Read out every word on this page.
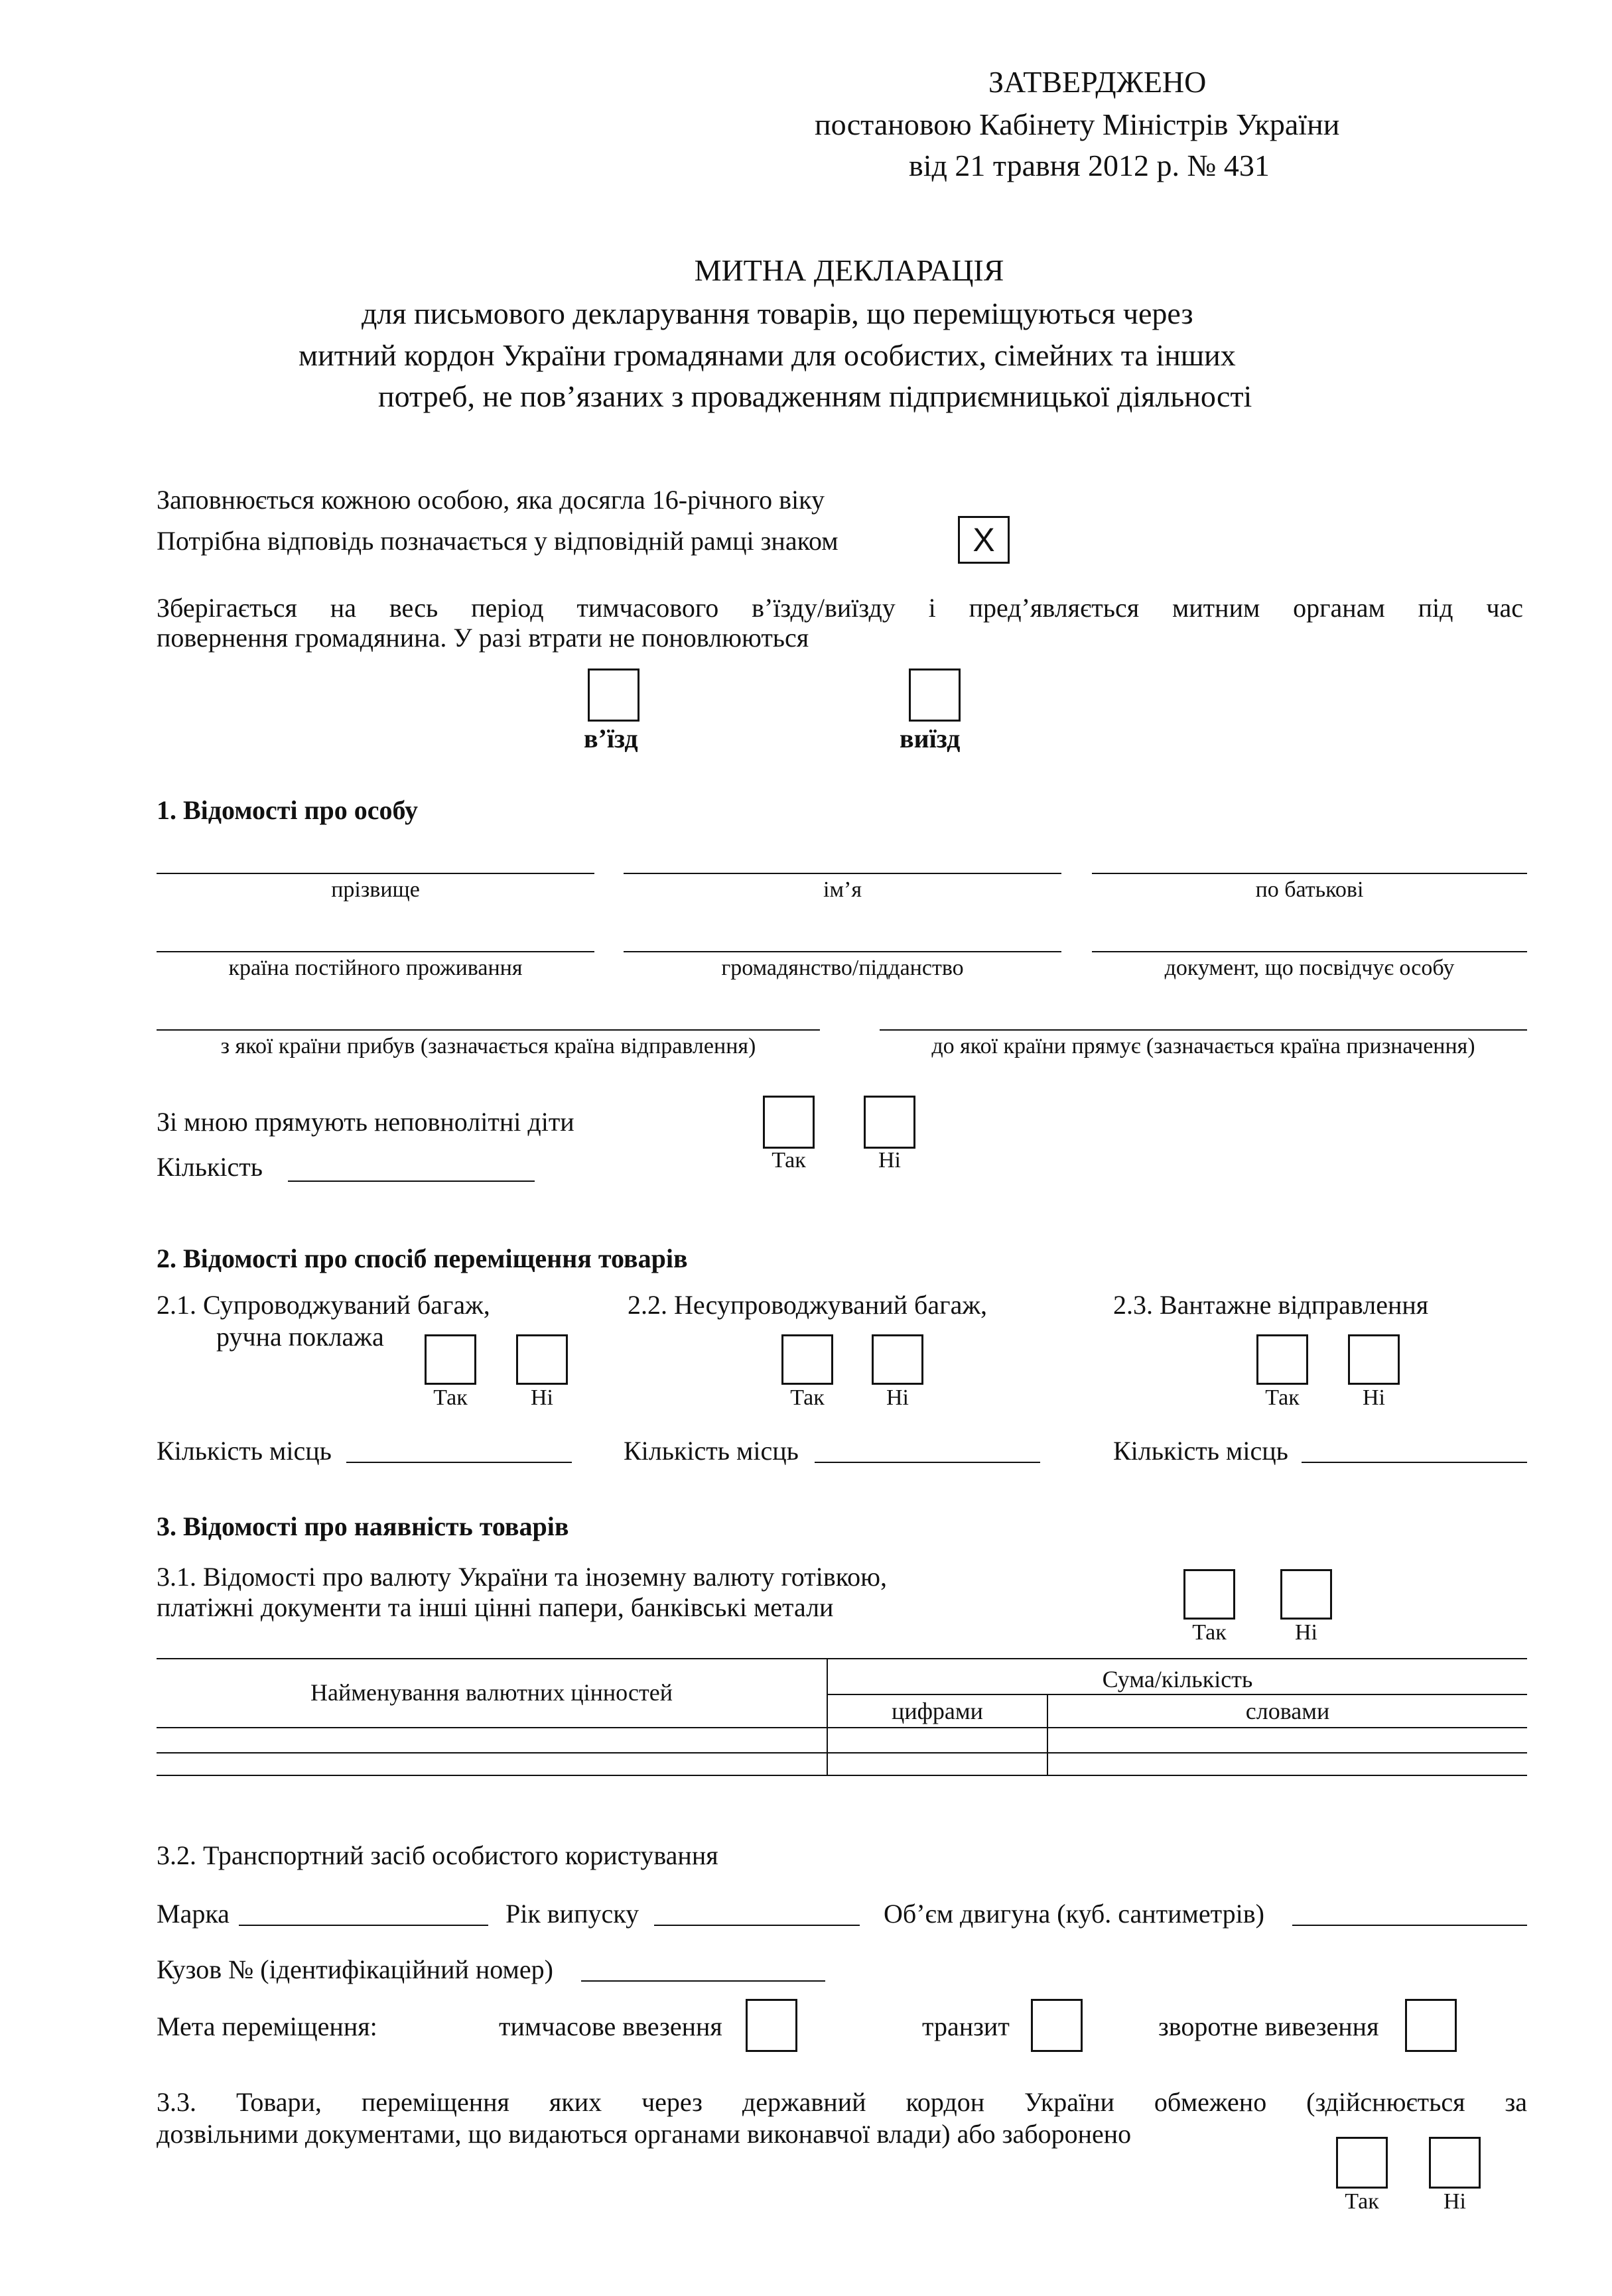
ЗАТВЕРДЖЕНО
постановою Кабінету Міністрів України
від 21 травня 2012 р. № 431
МИТНА ДЕКЛАРАЦІЯ
для письмового декларування товарів, що переміщуються через
митний кордон України громадянами для особистих, сімейних та інших
потреб, не пов’язаних з провадженням підприємницької діяльності
Заповнюється кожною особою, яка досягла 16-річного віку
Потрібна відповідь позначається у відповідній рамці знаком	X
Зберігається на весь період тимчасового в’їзду/виїзду і пред’являється митним органам під час
повернення громадянина. У разі втрати не поновлюються
в’їзд	виїзд
1. Відомості про особу
прізвище	ім’я	по батькові
країна постійного проживання	громадянство/підданство	документ, що посвідчує особу
з якої країни прибув (зазначається країна відправлення)	до якої країни прямує (зазначається країна призначення)
Зі мною прямують неповнолітні діти
Кількість	Так	Ні
2. Відомості про спосіб переміщення товарів
2.1. Супроводжуваний багаж,
ручна поклажа
Так	Ні
Кількість місць
2.2. Несупроводжуваний багаж,
Так	Ні
Кількість місць
2.3. Вантажне відправлення
Так	Ні
Кількість місць
3. Відомості про наявність товарів
3.1. Відомості про валюту України та іноземну валюту готівкою,
платіжні документи та інші цінні папери, банківські метали
Так	Ні
Найменування валютних цінностей	Сума/кількість
цифрами	словами
3.2. Транспортний засіб особистого користування
Марка	Рік випуску	Об’єм двигуна (куб. сантиметрів)
Кузов № (ідентифікаційний номер)
Мета переміщення:	тимчасове ввезення	транзит	зворотне вивезення
3.3. Товари, переміщення яких через державний кордон України обмежено (здійснюється за
дозвільними документами, що видаються органами виконавчої влади) або заборонено
Так	Ні
